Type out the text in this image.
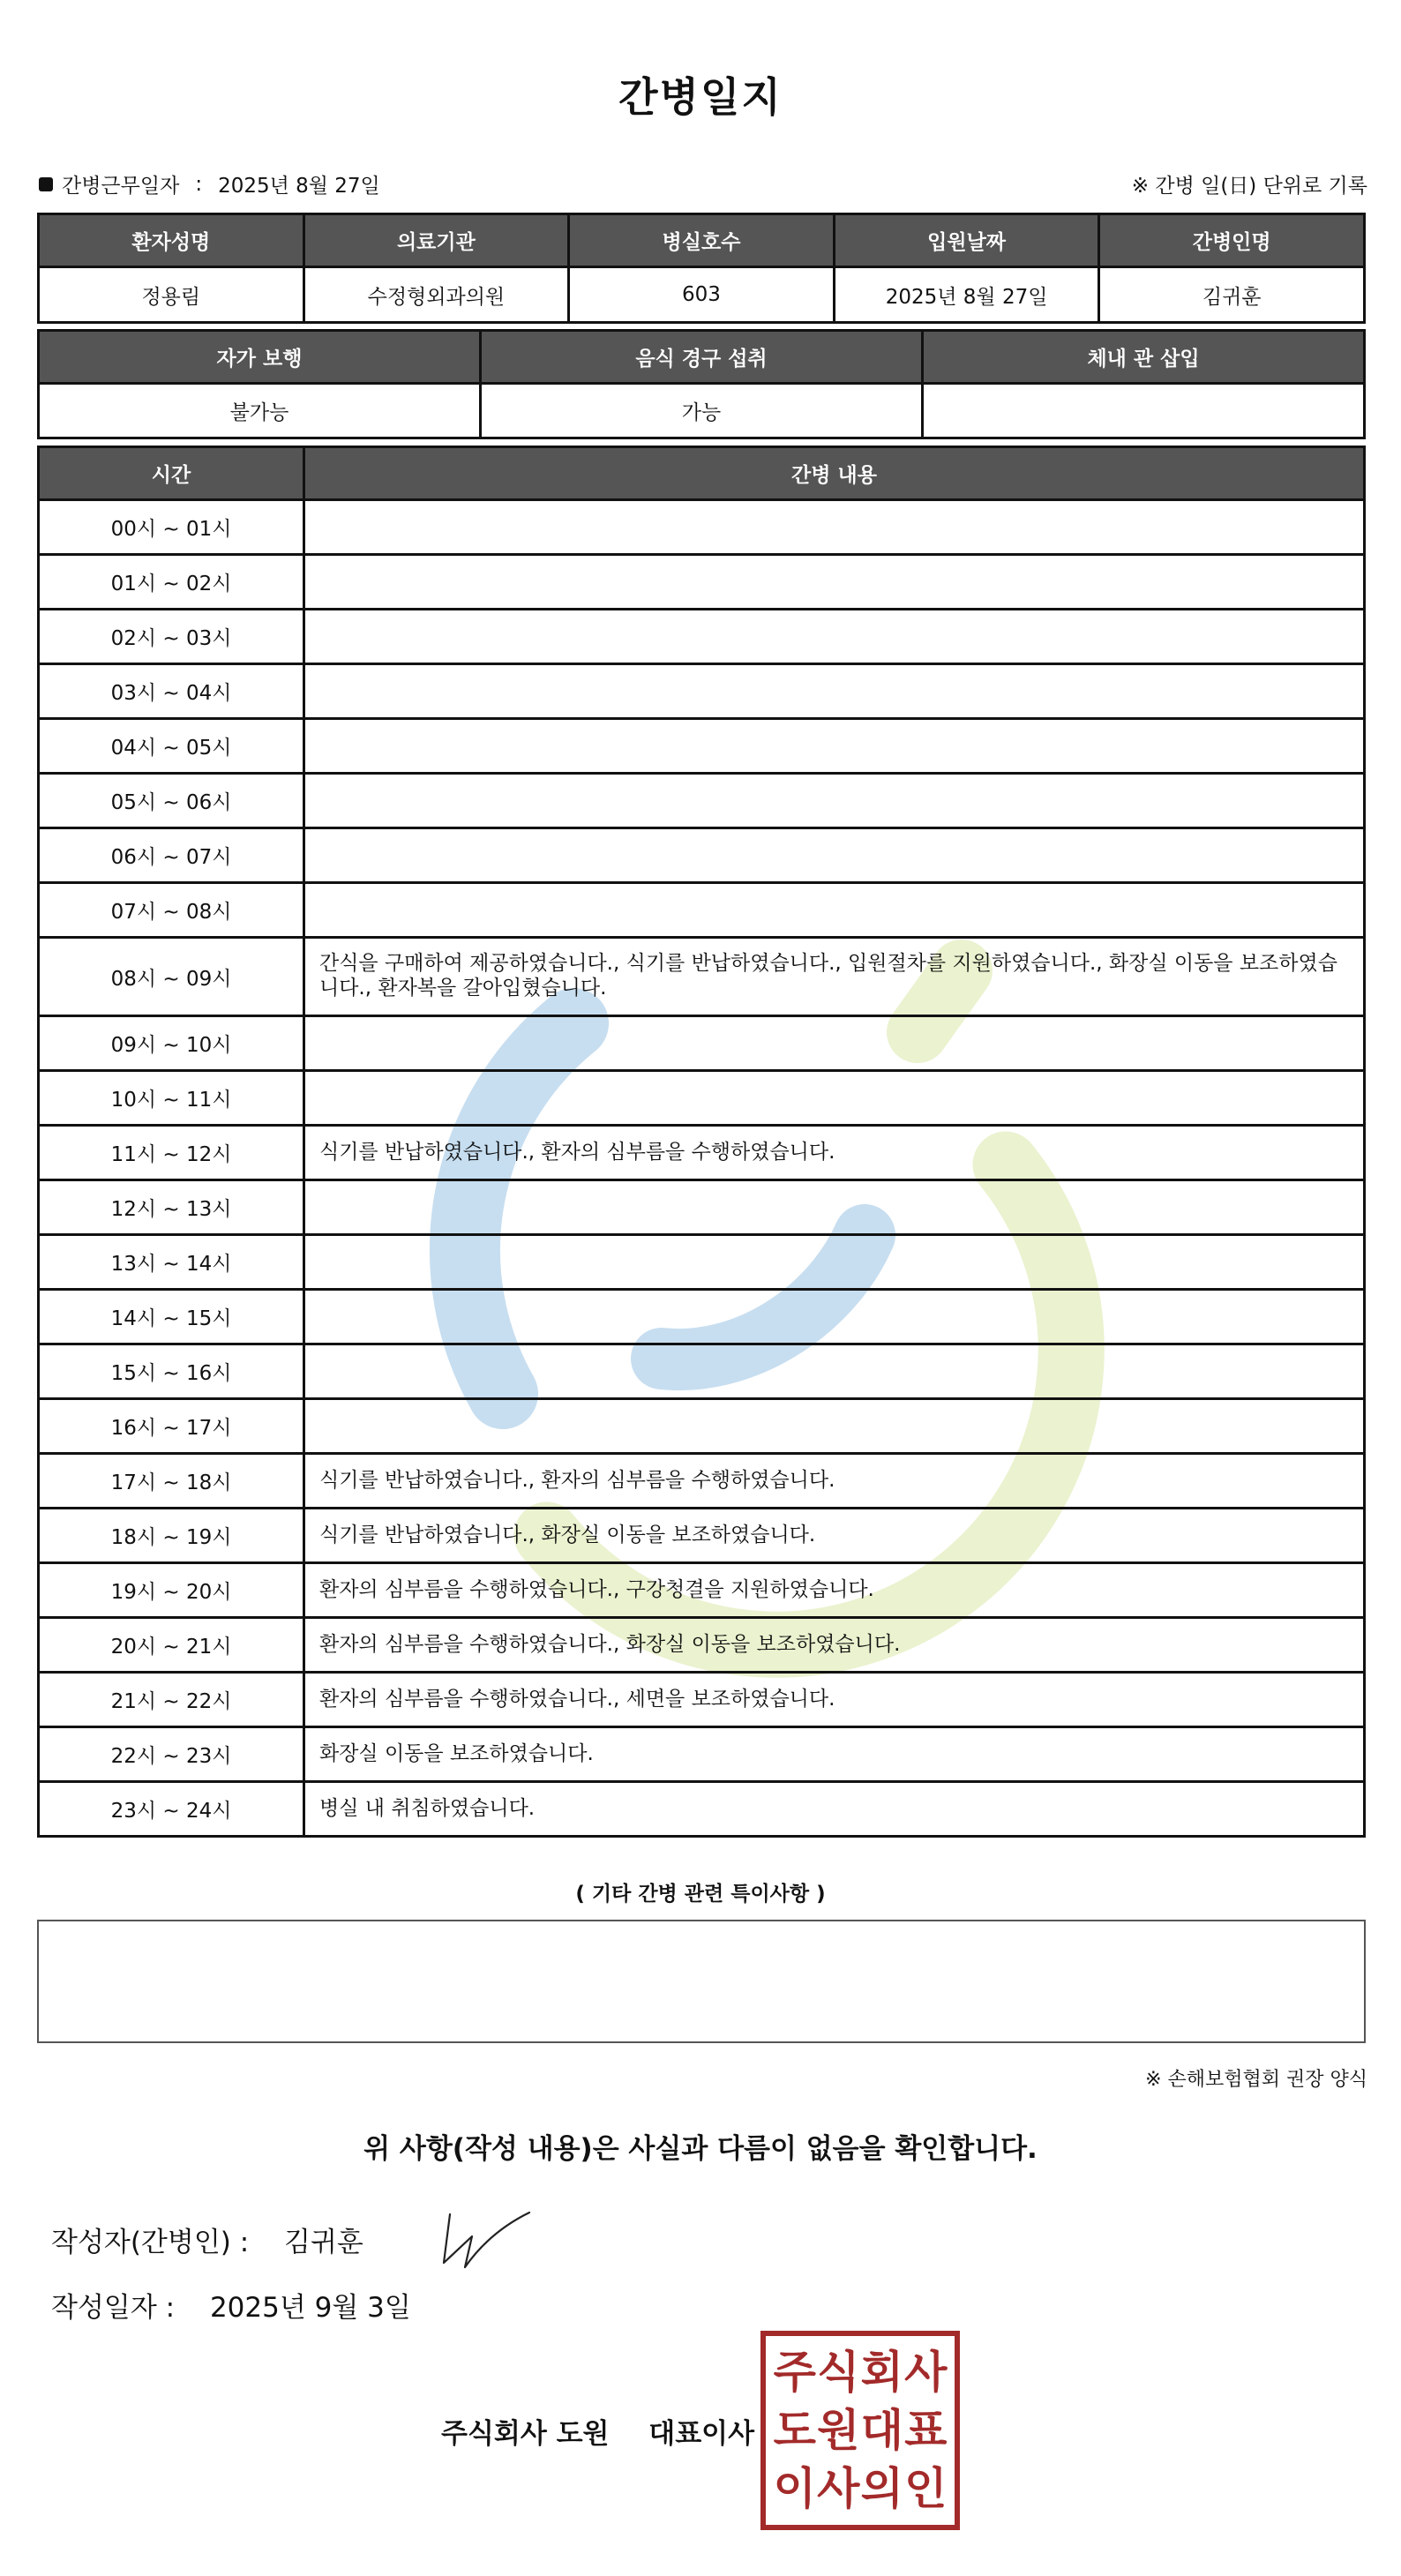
간병일지
간병근무일자 : 2025년 8월 27일	※ 간병 일(日) 단위로 기록
환자성명	의료기관	병실호수	입원날짜	간병인명
정용림	수정형외과의원	603	2025년 8월 27일	김귀훈
자가 보행	음식 경구 섭취	체내 관 삽입
불가능	가능	
시간	간병 내용
00시 ~ 01시	
01시 ~ 02시	
02시 ~ 03시	
03시 ~ 04시	
04시 ~ 05시	
05시 ~ 06시	
06시 ~ 07시	
07시 ~ 08시	
08시 ~ 09시	간식을 구매하여 제공하였습니다., 식기를 반납하였습니다., 입원절차를 지원하였습니다., 화장실 이동을 보조하였습니다., 환자복을 갈아입혔습니다.
09시 ~ 10시	
10시 ~ 11시	
11시 ~ 12시	식기를 반납하였습니다., 환자의 심부름을 수행하였습니다.
12시 ~ 13시	
13시 ~ 14시	
14시 ~ 15시	
15시 ~ 16시	
16시 ~ 17시	
17시 ~ 18시	식기를 반납하였습니다., 환자의 심부름을 수행하였습니다.
18시 ~ 19시	식기를 반납하였습니다., 화장실 이동을 보조하였습니다.
19시 ~ 20시	환자의 심부름을 수행하였습니다., 구강청결을 지원하였습니다.
20시 ~ 21시	환자의 심부름을 수행하였습니다., 화장실 이동을 보조하였습니다.
21시 ~ 22시	환자의 심부름을 수행하였습니다., 세면을 보조하였습니다.
22시 ~ 23시	화장실 이동을 보조하였습니다.
23시 ~ 24시	병실 내 취침하였습니다.
( 기타 간병 관련 특이사항 )
※ 손해보험협회 권장 양식
위 사항(작성 내용)은 사실과 다름이 없음을 확인합니다.
작성자(간병인) : 김귀훈
작성일자 : 2025년 9월 3일
주식회사 도원 대표이사
주 식 회 사
도 원 대 표
이 사 의 인
